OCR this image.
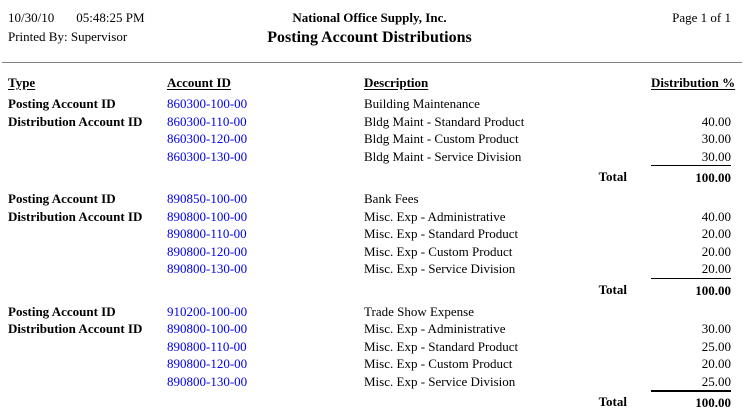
10/30/10 05:48:25 PM
Printed By: Supervisor
National Office Supply, Inc.
Posting Account Distributions
Page 1 of 1
Type	Account ID	Description	Distribution %
Posting Account ID	860300-100-00	Building Maintenance
Distribution Account ID	860300-110-00	Bldg Maint - Standard Product	40.00
860300-120-00	Bldg Maint - Custom Product	30.00
860300-130-00	Bldg Maint - Service Division	30.00
Total	100.00
Posting Account ID	890850-100-00	Bank Fees
Distribution Account ID	890800-100-00	Misc. Exp - Administrative	40.00
890800-110-00	Misc. Exp - Standard Product	20.00
890800-120-00	Misc. Exp - Custom Product	20.00
890800-130-00	Misc. Exp - Service Division	20.00
Total	100.00
Posting Account ID	910200-100-00	Trade Show Expense
Distribution Account ID	890800-100-00	Misc. Exp - Administrative	30.00
890800-110-00	Misc. Exp - Standard Product	25.00
890800-120-00	Misc. Exp - Custom Product	20.00
890800-130-00	Misc. Exp - Service Division	25.00
Total	100.00
